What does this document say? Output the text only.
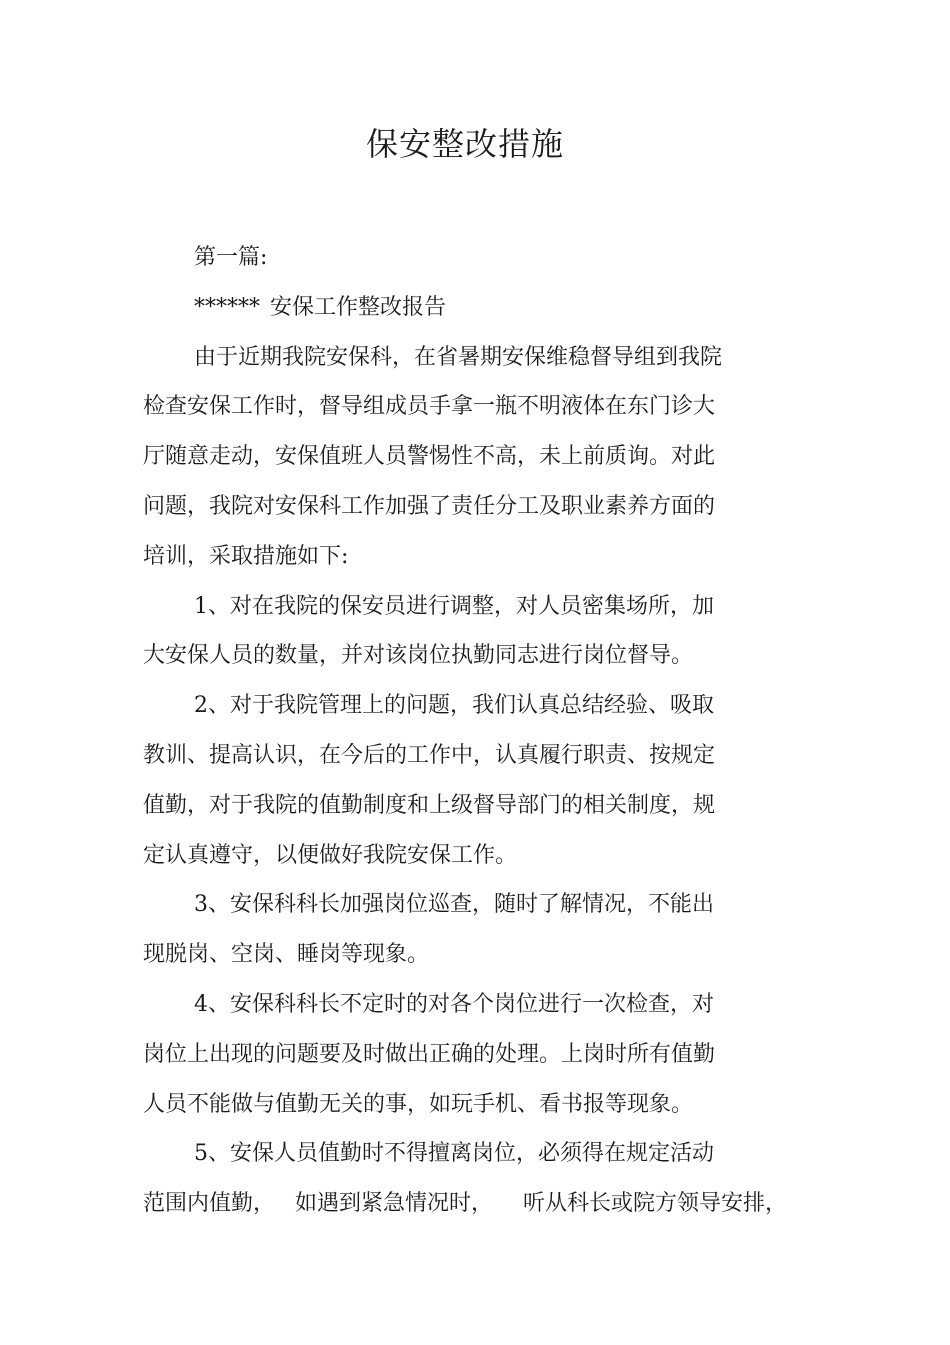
保安整改措施
第一篇:
****** 安保工作整改报告
由于近期我院安保科，在省暑期安保维稳督导组到我院
检查安保工作时，督导组成员手拿一瓶不明液体在东门诊大
厅随意走动，安保值班人员警惕性不高，未上前质询。对此
问题，我院对安保科工作加强了责任分工及职业素养方面的
培训，采取措施如下:
1、对在我院的保安员进行调整，对人员密集场所，加
大安保人员的数量，并对该岗位执勤同志进行岗位督导。
2、对于我院管理上的问题，我们认真总结经验、吸取
教训、提高认识，在今后的工作中，认真履行职责、按规定
值勤，对于我院的值勤制度和上级督导部门的相关制度，规
定认真遵守，以便做好我院安保工作。
3、安保科科长加强岗位巡查，随时了解情况，不能出
现脱岗、空岗、睡岗等现象。
4、安保科科长不定时的对各个岗位进行一次检查，对
岗位上出现的问题要及时做出正确的处理。上岗时所有值勤
人员不能做与值勤无关的事，如玩手机、看书报等现象。
5、安保人员值勤时不得擅离岗位，必须得在规定活动
范围内值勤， 如遇到紧急情况时， 听从科长或院方领导安排，
